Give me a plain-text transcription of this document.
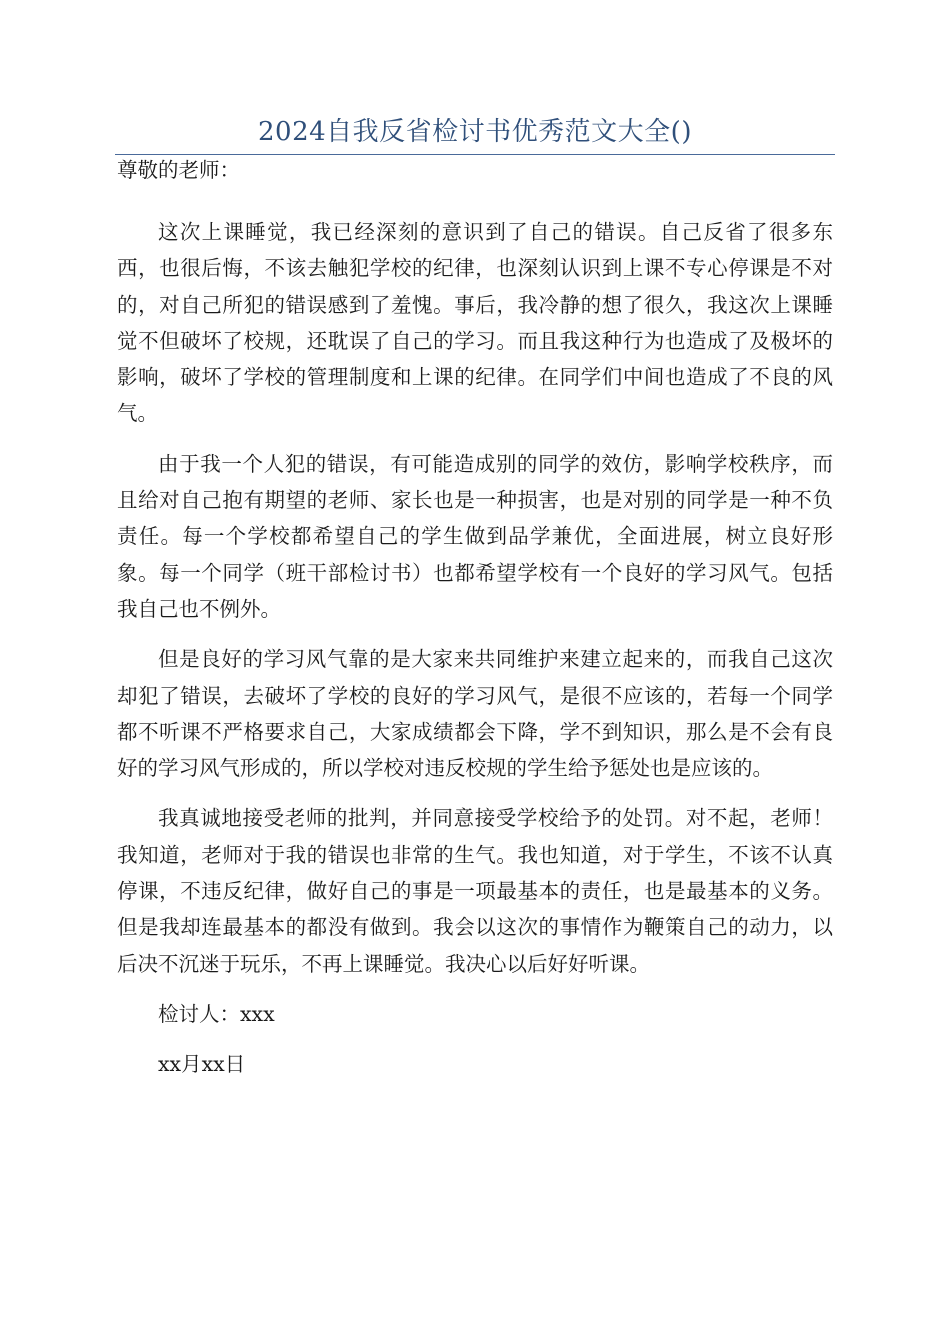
2024自我反省检讨书优秀范文大全()

尊敬的老师：

这次上课睡觉，我已经深刻的意识到了自己的错误。自己反省了很多东西，也很后悔，不该去触犯学校的纪律，也深刻认识到上课不专心停课是不对的，对自己所犯的错误感到了羞愧。事后，我冷静的想了很久，我这次上课睡觉不但破坏了校规，还耽误了自己的学习。而且我这种行为也造成了及极坏的影响，破坏了学校的管理制度和上课的纪律。在同学们中间也造成了不良的风气。

由于我一个人犯的错误，有可能造成别的同学的效仿，影响学校秩序，而且给对自己抱有期望的老师、家长也是一种损害，也是对别的同学是一种不负责任。每一个学校都希望自己的学生做到品学兼优，全面进展，树立良好形象。每一个同学（班干部检讨书）也都希望学校有一个良好的学习风气。包括我自己也不例外。

但是良好的学习风气靠的是大家来共同维护来建立起来的，而我自己这次却犯了错误，去破坏了学校的良好的学习风气，是很不应该的，若每一个同学都不听课不严格要求自己，大家成绩都会下降，学不到知识，那么是不会有良好的学习风气形成的，所以学校对违反校规的学生给予惩处也是应该的。

我真诚地接受老师的批判，并同意接受学校给予的处罚。对不起，老师！我知道，老师对于我的错误也非常的生气。我也知道，对于学生，不该不认真停课，不违反纪律，做好自己的事是一项最基本的责任，也是最基本的义务。但是我却连最基本的都没有做到。我会以这次的事情作为鞭策自己的动力，以后决不沉迷于玩乐，不再上课睡觉。我决心以后好好听课。

检讨人：xxx

xx月xx日
